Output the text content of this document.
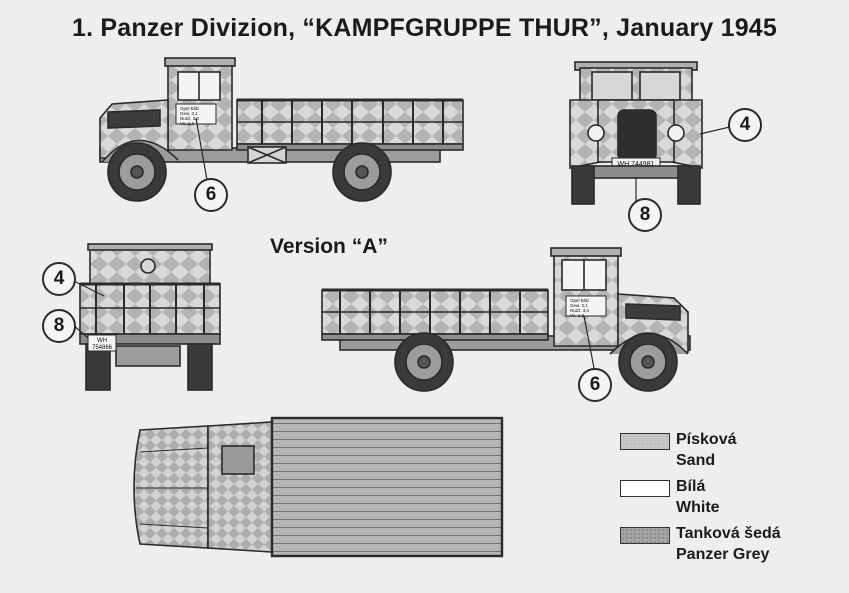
1. Panzer Divizion, “KAMPFGRUPPE THUR”, January 1945
WH 744981
WH
754866
Opel Blitz
Gew. 3,1
Nutzl. 3,0
Vs. 1.3
Opel Blitz
Gew. 3,1
Nutzl. 3,0
Vs. 1.3
Version “A”
6
4
8
4
8
6
Písková
Sand
Bílá
White
Tanková šedá
Panzer Grey
